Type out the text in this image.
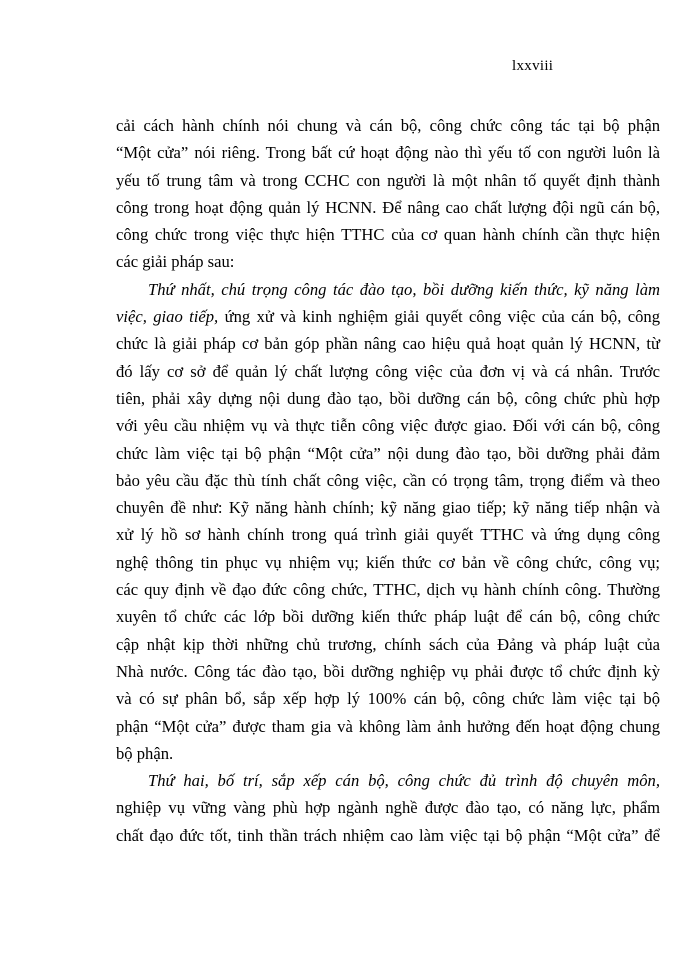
lxxviii
cải cách hành chính nói chung và cán bộ, công chức công tác tại bộ phận
“Một cửa” nói riêng. Trong bất cứ hoạt động nào thì yếu tố con người luôn là
yếu tố trung tâm và trong CCHC con người là một nhân tố quyết định thành
công trong hoạt động quản lý HCNN. Để nâng cao chất lượng đội ngũ cán bộ,
công chức trong việc thực hiện TTHC của cơ quan hành chính cần thực hiện
các giải pháp sau:
Thứ nhất, chú trọng công tác đào tạo, bồi dưỡng kiến thức, kỹ năng làm
việc, giao tiếp, ứng xử và kinh nghiệm giải quyết công việc của cán bộ, công
chức là giải pháp cơ bản góp phần nâng cao hiệu quả hoạt quản lý HCNN, từ
đó lấy cơ sở để quản lý chất lượng công việc của đơn vị và cá nhân. Trước
tiên, phải xây dựng nội dung đào tạo, bồi dưỡng cán bộ, công chức phù hợp
với yêu cầu nhiệm vụ và thực tiễn công việc được giao. Đối với cán bộ, công
chức làm việc tại bộ phận “Một cửa” nội dung đào tạo, bồi dưỡng phải đảm
bảo yêu cầu đặc thù tính chất công việc, cần có trọng tâm, trọng điểm và theo
chuyên đề như: Kỹ năng hành chính; kỹ năng giao tiếp; kỹ năng tiếp nhận và
xử lý hồ sơ hành chính trong quá trình giải quyết TTHC và ứng dụng công
nghệ thông tin phục vụ nhiệm vụ; kiến thức cơ bản về công chức, công vụ;
các quy định về đạo đức công chức, TTHC, dịch vụ hành chính công. Thường
xuyên tổ chức các lớp bồi dưỡng kiến thức pháp luật để cán bộ, công chức
cập nhật kịp thời những chủ trương, chính sách của Đảng và pháp luật của
Nhà nước. Công tác đào tạo, bồi dưỡng nghiệp vụ phải được tổ chức định kỳ
và có sự phân bổ, sắp xếp hợp lý 100% cán bộ, công chức làm việc tại bộ
phận “Một cửa” được tham gia và không làm ảnh hưởng đến hoạt động chung
bộ phận.
Thứ hai, bố trí, sắp xếp cán bộ, công chức đủ trình độ chuyên môn,
nghiệp vụ vững vàng phù hợp ngành nghề được đào tạo, có năng lực, phẩm
chất đạo đức tốt, tinh thần trách nhiệm cao làm việc tại bộ phận “Một cửa” để
